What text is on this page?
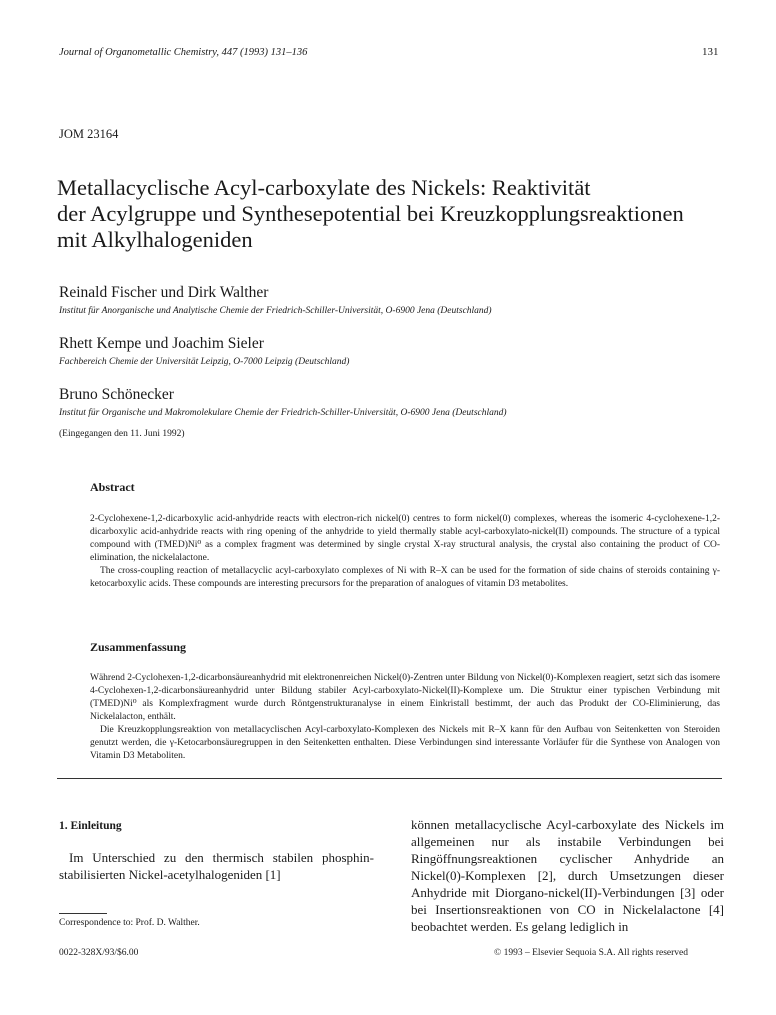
Journal of Organometallic Chemistry, 447 (1993) 131–136	131
JOM 23164
Metallacyclische Acyl-carboxylate des Nickels: Reaktivität
der Acylgruppe und Synthesepotential bei Kreuzkopplungsreaktionen
mit Alkylhalogeniden
Reinald Fischer und Dirk Walther
Institut für Anorganische und Analytische Chemie der Friedrich-Schiller-Universität, O-6900 Jena (Deutschland)
Rhett Kempe und Joachim Sieler
Fachbereich Chemie der Universität Leipzig, O-7000 Leipzig (Deutschland)
Bruno Schönecker
Institut für Organische und Makromolekulare Chemie der Friedrich-Schiller-Universität, O-6900 Jena (Deutschland)
(Eingegangen den 11. Juni 1992)
Abstract

2-Cyclohexene-1,2-dicarboxylic acid-anhydride reacts with electron-rich nickel(0) centres to form nickel(0) complexes, whereas the isomeric 4-cyclohexene-1,2-dicarboxylic acid-anhydride reacts with ring opening of the anhydride to yield thermally stable acyl-carboxylato-nickel(II) compounds. The structure of a typical compound with (TMED)Ni⁰ as a complex fragment was determined by single crystal X-ray structural analysis, the crystal also containing the product of CO-elimination, the nickelalactone.

The cross-coupling reaction of metallacyclic acyl-carboxylato complexes of Ni with R–X can be used for the formation of side chains of steroids containing γ-ketocarboxylic acids. These compounds are interesting precursors for the preparation of analogues of vitamin D3 metabolites.

Zusammenfassung

Während 2-Cyclohexen-1,2-dicarbonsäureanhydrid mit elektronenreichen Nickel(0)-Zentren unter Bildung von Nickel(0)-Komplexen reagiert, setzt sich das isomere 4-Cyclohexen-1,2-dicarbonsäureanhydrid unter Bildung stabiler Acyl-carboxylato-Nickel(II)-Komplexe um. Die Struktur einer typischen Verbindung mit (TMED)Ni⁰ als Komplexfragment wurde durch Röntgenstrukturanalyse in einem Einkristall bestimmt, der auch das Produkt der CO-Eliminierung, das Nickelalacton, enthält.

Die Kreuzkopplungsreaktion von metallacyclischen Acyl-carboxylato-Komplexen des Nickels mit R–X kann für den Aufbau von Seitenketten von Steroiden genutzt werden, die γ-Ketocarbonsäuregruppen in den Seitenketten enthalten. Diese Verbindungen sind interessante Vorläufer für die Synthese von Analogen von Vitamin D3 Metaboliten.

1. Einleitung

Im Unterschied zu den thermisch stabilen phosphin-stabilisierten Nickel-acetylhalogeniden [1]

können metallacyclische Acyl-carboxylate des Nickels im allgemeinen nur als instabile Verbindungen bei Ringöffnungsreaktionen cyclischer Anhydride an Nickel(0)-Komplexen [2], durch Umsetzungen dieser Anhydride mit Diorgano-nickel(II)-Verbindungen [3] oder bei Insertionsreaktionen von CO in Nickelalactone [4] beobachtet werden. Es gelang lediglich in

Correspondence to: Prof. D. Walther.
0022-328X/93/$6.00	© 1993 – Elsevier Sequoia S.A. All rights reserved
